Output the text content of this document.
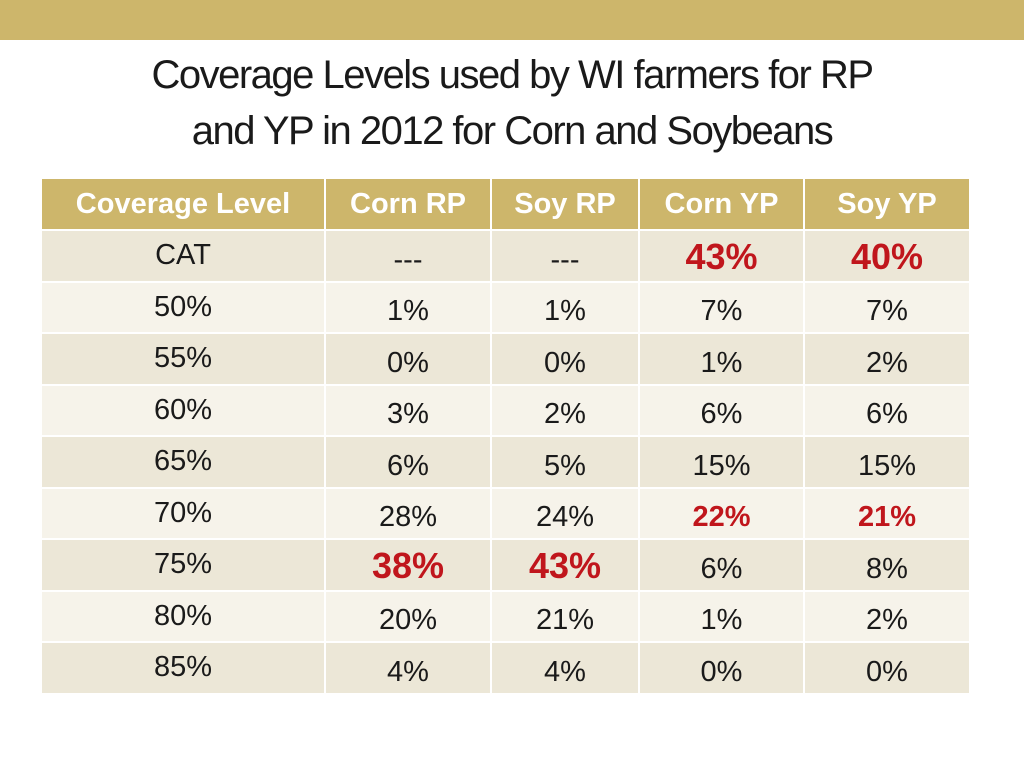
Coverage Levels used by WI farmers for RP
and YP in 2012 for Corn and Soybeans
Coverage Level	Corn RP	Soy RP	Corn YP	Soy YP
CAT	---	---	43%	40%
50%	1%	1%	7%	7%
55%	0%	0%	1%	2%
60%	3%	2%	6%	6%
65%	6%	5%	15%	15%
70%	28%	24%	22%	21%
75%	38%	43%	6%	8%
80%	20%	21%	1%	2%
85%	4%	4%	0%	0%
